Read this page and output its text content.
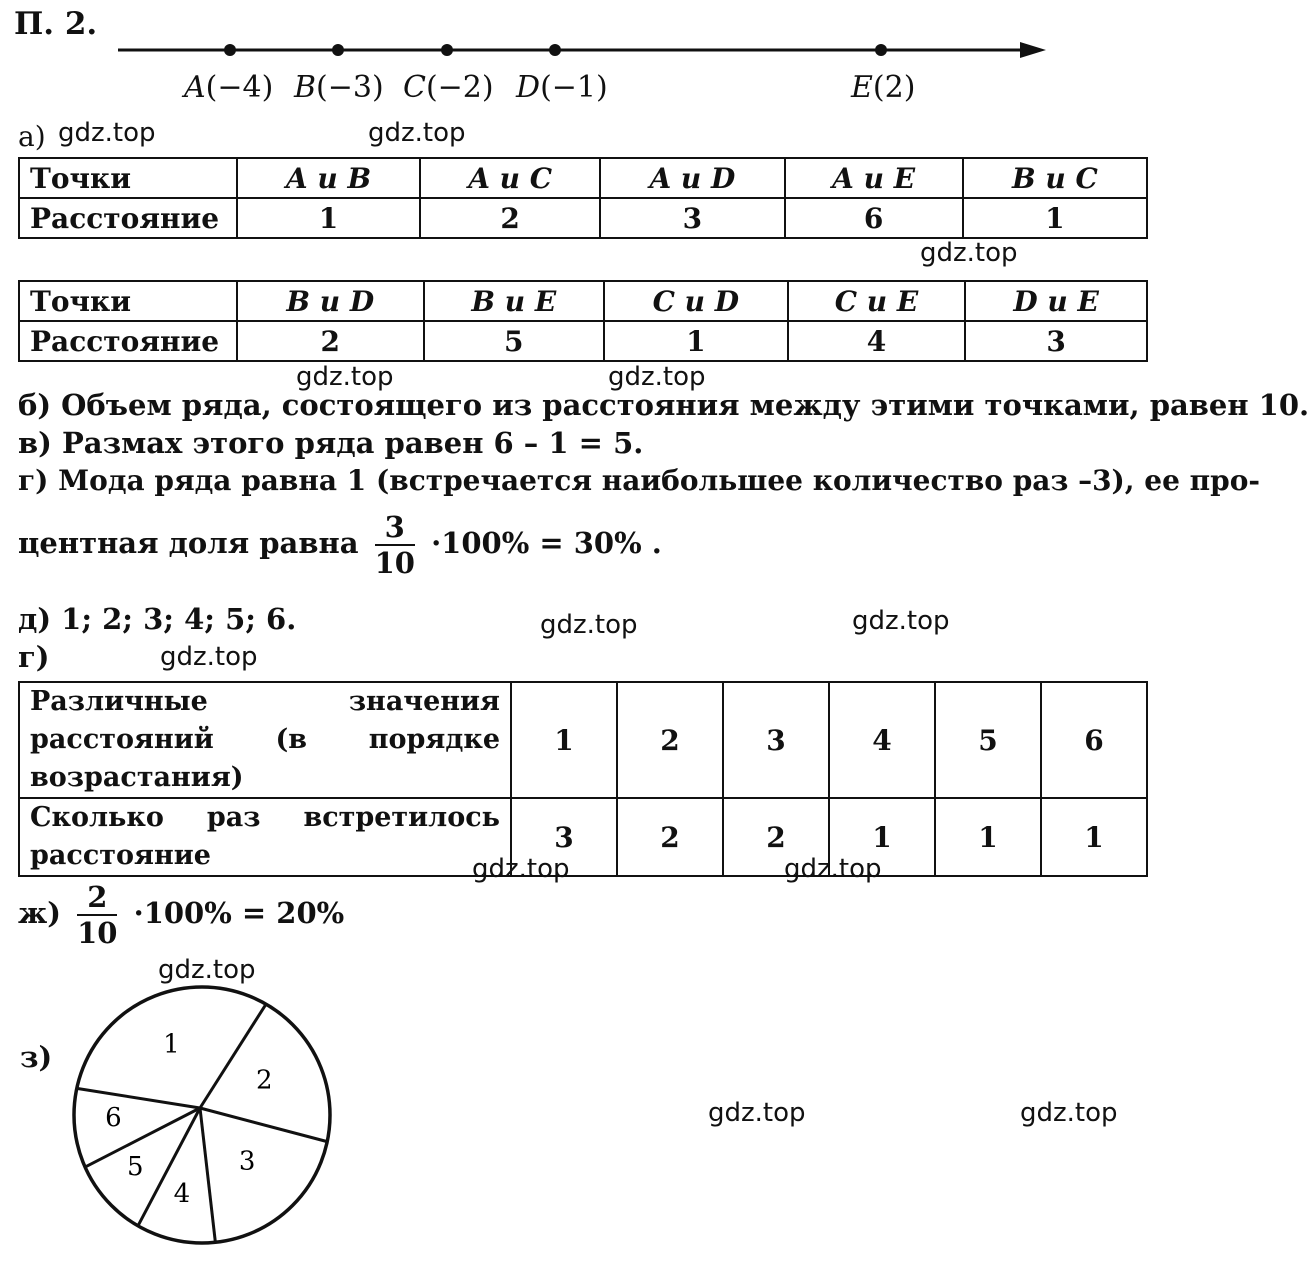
П. 2.
A(−4) B(−3) C(−2) D(−1)	E(2)
а) gdz.top	gdz.top
Точки	A и B	A и C	A и D	A и E	B и C
Расстояние	1	2	3	6	1
gdz.top
Точки	B и D	B и E	C и D	C и E	D и E
Расстояние	2	5	1	4	3
gdz.top	gdz.top
б) Объем ряда, состоящего из расстояния между этими точками, равен 10.
в) Размах этого ряда равен 6 – 1 = 5.
г) Мода ряда равна 1 (встречается наибольшее количество раз –3), ее про-
центная доля равна $\frac{3}{10} \cdot 100\% = 30\%$ .
д) 1; 2; 3; 4; 5; 6.	gdz.top	gdz.top
г)	gdz.top
Различные значения расстояний (в порядке возрастания)	1	2	3	4	5	6
Сколько раз встретилось расстояние	3	2	2	1	1	1
gdz.top	gdz.top
$ж) \frac{2}{10} \cdot 100\% = 20\%$
gdz.top
з)	1
2
3
4
5
6	gdz.top	gdz.top
